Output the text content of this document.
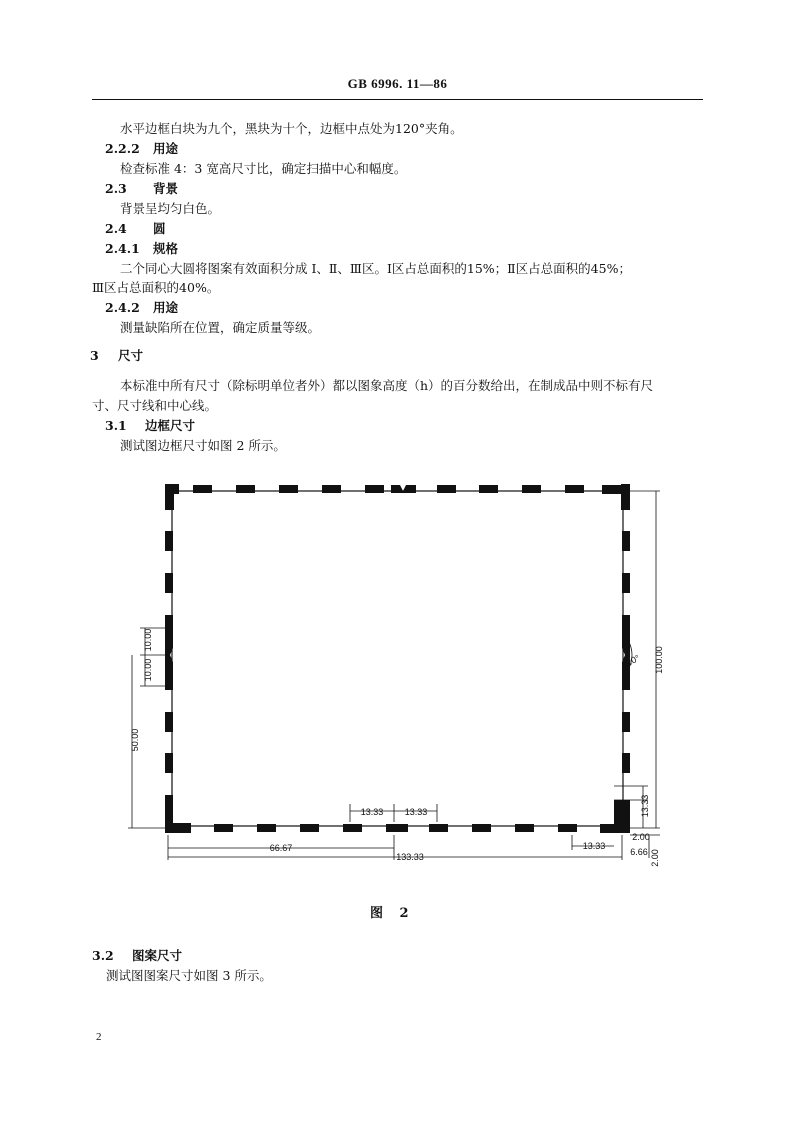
GB 6996. 11—86
水平边框白块为九个，黑块为十个，边框中点处为120°夹角。
2.2.2 用途
检查标准 4：3 宽高尺寸比，确定扫描中心和幅度。
2.3 背景
背景呈均匀白色。
2.4 圆
2.4.1 规格
二个同心大圆将图案有效面积分成 Ⅰ、Ⅱ、Ⅲ区。Ⅰ区占总面积的15%；Ⅱ区占总面积的45%；
Ⅲ区占总面积的40%。
2.4.2 用途
测量缺陷所在位置，确定质量等级。
3 尺寸
本标准中所有尺寸（除标明单位者外）都以图象高度（h）的百分数给出，在制成品中则不标有尺
寸、尺寸线和中心线。
3.1 边框尺寸
测试图边框尺寸如图 2 所示。
10.00
10.00
50.00
100.00
120°
6.66 13.33
13.33 13.33
66.67
133.33
13.33
2.00
6.66 2.00
图 2
3.2 图案尺寸
测试图图案尺寸如图 3 所示。
2
